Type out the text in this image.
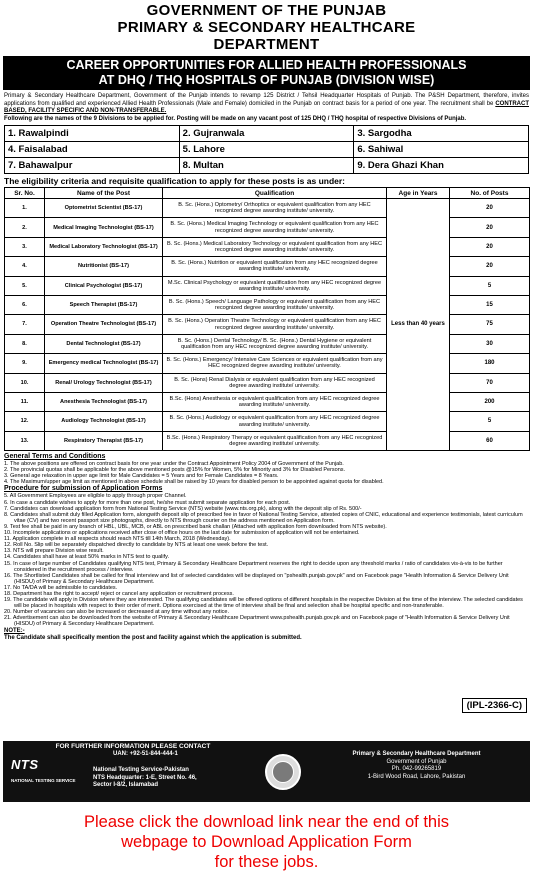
GOVERNMENT OF THE PUNJAB
PRIMARY & SECONDARY HEALTHCARE
DEPARTMENT
CAREER OPPORTUNITIES FOR ALLIED HEALTH PROFESSIONALS
AT DHQ / THQ HOSPITALS OF PUNJAB (DIVISION WISE)
Primary & Secondary Healthcare Department, Government of the Punjab intends to revamp 125 District / Tehsil Headquarter Hospitals of Punjab. The P&SH Department, therefore, invites applications from qualified and experienced Allied Health Professionals (Male and Female) domiciled in the Punjab on contract basis for a period of one year. The recruitment shall be CONTRACT BASED, FACILITY SPECIFIC AND NON-TRANSFERABLE.
Following are the names of the 9 Divisions to be applied for. Posting will be made on any vacant post of 125 DHQ / THQ hospital of respective Divisions of Punjab.
1. Rawalpindi	2. Gujranwala	3. Sargodha
4. Faisalabad	5. Lahore	6. Sahiwal
7. Bahawalpur	8. Multan	9. Dera Ghazi Khan
The eligibility criteria and requisite qualification to apply for these posts is as under:
Sr. No.	Name of the Post	Qualification	Age in Years	No. of Posts
1.	Optometrist Scientist (BS-17)	B. Sc. (Hons.) Optometry/ Orthoptics or equivalent qualification from any HEC recognized degree awarding institute/ university.	Less than 40 years	20
2.	Medical Imaging Technologist (BS-17)	B. Sc. (Hons.) Medical Imaging Technology or equivalent qualification from any HEC recognized degree awarding institute/ university.		20
3.	Medical Laboratory Technologist (BS-17)	B. Sc. (Hons.) Medical Laboratory Technology or equivalent qualification from any HEC recognized degree awarding institute/ university.		20
4.	Nutritionist (BS-17)	B. Sc. (Hons.) Nutrition or equivalent qualification from any HEC recognized degree awarding institute/ university.		20
5.	Clinical Psychologist (BS-17)	M.Sc. Clinical Psychology or equivalent qualification from any HEC recognized degree awarding institute/ university.		5
6.	Speech Therapist (BS-17)	B. Sc. (Hons.) Speech/ Language Pathology or equivalent qualification from any HEC recognized degree awarding institute/ university.		15
7.	Operation Theatre Technologist (BS-17)	B. Sc. (Hons.) Operation Theatre Technology or equivalent qualification from any HEC recognized degree awarding institute/ university.		75
8.	Dental Technologist (BS-17)	B. Sc. (Hons.) Dental Technology/ B. Sc. (Hons.) Dental Hygiene or equivalent qualification from any HEC recognized degree awarding institute/ university.		30
9.	Emergency medical Technologist (BS-17)	B. Sc. (Hons.) Emergency/ Intensive Care Sciences or equivalent qualification from any HEC recognized degree awarding institute/ university.		180
10.	Renal/ Urology Technologist (BS-17)	B. Sc. (Hons) Renal Dialysis or equivalent qualification from any HEC recognized degree awarding institute/ university.		70
11.	Anesthesia Technologist (BS-17)	B.Sc. (Hons) Anesthesia or equivalent qualification from any HEC recognized degree awarding institute/ university.		200
12.	Audiology Technologist (BS-17)	B. Sc. (Hons.) Audiology or equivalent qualification from any HEC recognized degree awarding institute/ university.		5
13.	Respiratory Therapist (BS-17)	B.Sc. (Hons.) Respiratory Therapy or equivalent qualification from any HEC recognized degree awarding institute/ university.		60
General Terms and Conditions
1. The above positions are offered on contract basis for one year under the Contract Appointment Policy 2004 of Government of the Punjab.
2. The provincial quotas shall be applicable for the above mentioned posts @15% for Women, 5% for Minority and 3% for Disabled Persons.
3. General age relaxation in upper age limit for Male Candidates = 5 Years and for Female Candidates = 8 Years.
4. The Maximum/upper age limit as mentioned in above schedule shall be raised by 10 years for disabled person to be appointed against quota for disabled.
Procedure for submission of Application Forms
5. All Government Employees are eligible to apply through proper Channel.
6. In case a candidate wishes to apply for more than one post, he/she must submit separate application for each post.
7. Candidates can download application form from National Testing Service (NTS) website (www.nts.org.pk), along with the deposit slip of Rs. 500/-
8. Candidates shall submit duly filled Application form, alongwith deposit slip of prescribed fee in favor of National Testing Service, attested copies of CNIC, educational and experience testimonials, latest curriculum vitae (CV) and two recent passport size photographs, directly to NTS through courier on the address mentioned on Application form.
9. Test fee shall be paid in any branch of HBL, UBL, MCB, or ABL on prescribed bank challan (Attached with application form downloaded from NTS website).
10. Incomplete applications or applications received after close of office hours on the last date for submission of application will not be entertained.
11. Application complete in all respects should reach NTS till 14th March, 2018 (Wednesday).
12. Roll No. Slip will be separately dispatched directly to candidate by NTS at least one week before the test.
13. NTS will prepare Division wise result.
14. Candidates shall have at least 50% marks in NTS test to qualify.
15. In case of large number of Candidates qualifying NTS test, Primary & Secondary Healthcare Department reserves the right to decide upon any threshold marks / ratio of candidates vis-à-vis to be further considered in the recruitment process / interview.
16. The Shortlisted Candidates shall be called for final interview and list of selected candidates will be displayed on "pshealth.punjab.gov.pk" and on Facebook page "Health Information & Service Delivery Unit (HISDU) of Primary & Secondary Healthcare Department.
17. No TA/DA will be admissible to candidates.
18. Department has the right to accept/ reject or cancel any application or recruitment process.
19. The candidate will apply in Division where they are interested. The qualifying candidates will be offered options of different hospitals in the respective Division at the time of the interview. The selected candidates will be placed in hospitals with respect to their order of merit. Options exercised at the time of interview shall be final and selection shall be hospital specific and non-transferable.
20. Number of vacancies can also be increased or decreased at any time without any notice.
21. Advertisement can also be downloaded from the website of Primary & Secondary Healthcare Department www.pshealth.punjab.gov.pk and on Facebook page of "Health Information & Service Delivery Unit (HISDU) of Primary & Secondary Healthcare Department.
NOTE:-
The Candidate shall specifically mention the post and facility against which the application is submitted.
(IPL-2366-C)
FOR FURTHER INFORMATION PLEASE CONTACT
NTS
NATIONAL TESTING SERVICE
UAN: +92-51-844-444-1
National Testing Service-Pakistan
NTS Headquarter: 1-E, Street No. 46,
Sector I-8/2, Islamabad
Primary & Secondary Healthcare Department
Government of Punjab
Ph. 042-99265819
1-Bird Wood Road, Lahore, Pakistan
Please click the download link near the end of this
webpage to Download Application Form
for these jobs.
